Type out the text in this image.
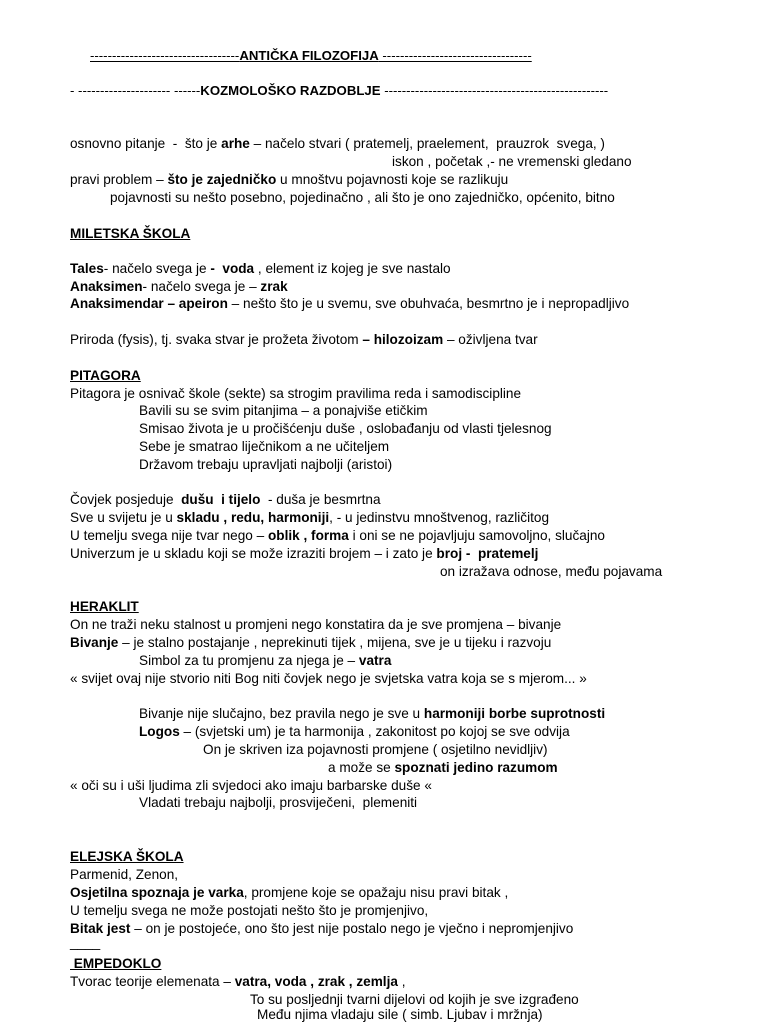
----------------------------------ANTIČKA FILOZOFIJA ----------------------------------
- --------------------- ------KOZMOLOŠKO RAZDOBLJE ---------------------------------------------------
osnovno pitanje  -  što je arhe – načelo stvari ( pratemelj, praelement,  prauzrok  svega, )
iskon , početak ,- ne vremenski gledano
pravi problem – što je zajedničko u mnoštvu pojavnosti koje se razlikuju
pojavnosti su nešto posebno, pojedinačno , ali što je ono zajedničko, općenito, bitno
MILETSKA ŠKOLA
Tales- načelo svega je -  voda , element iz kojeg je sve nastalo
Anaksimen- načelo svega je – zrak
Anaksimendar – apeiron – nešto što je u svemu, sve obuhvaća, besmrtno je i nepropadljivo
Priroda (fysis), tj. svaka stvar je prožeta životom – hilozoizam – oživljena tvar
PITAGORA
Pitagora je osnivač škole (sekte) sa strogim pravilima reda i samodiscipline
Bavili su se svim pitanjima – a ponajviše etičkim
Smisao života je u pročišćenju duše , oslobađanju od vlasti tjelesnog
Sebe je smatrao liječnikom a ne učiteljem
Državom trebaju upravljati najbolji (aristoi)
Čovjek posjeduje  dušu  i tijelo  - duša je besmrtna
Sve u svijetu je u skladu , redu, harmoniji, - u jedinstvu mnoštvenog, različitog
U temelju svega nije tvar nego – oblik , forma i oni se ne pojavljuju samovoljno, slučajno
Univerzum je u skladu koji se može izraziti brojem – i zato je broj -  pratemelj
on izražava odnose, među pojavama
HERAKLIT
On ne traži neku stalnost u promjeni nego konstatira da je sve promjena – bivanje
Bivanje – je stalno postajanje , neprekinuti tijek , mijena, sve je u tijeku i razvoju
Simbol za tu promjenu za njega je – vatra
« svijet ovaj nije stvorio niti Bog niti čovjek nego je svjetska vatra koja se s mjerom... »
Bivanje nije slučajno, bez pravila nego je sve u harmoniji borbe suprotnosti
Logos – (svjetski um) je ta harmonija , zakonitost po kojoj se sve odvija
On je skriven iza pojavnosti promjene ( osjetilno nevidljiv)
a može se spoznati jedino razumom
« oči su i uši ljudima zli svjedoci ako imaju barbarske duše «
Vladati trebaju najbolji, prosviječeni,  plemeniti
ELEJSKA ŠKOLA
Parmenid, Zenon,
Osjetilna spoznaja je varka, promjene koje se opažaju nisu pravi bitak ,
U temelju svega ne može postojati nešto što je promjenjivo,
Bitak jest – on je postojeće, ono što jest nije postalo nego je vječno i nepromjenjivo
____
EMPEDOKLO
Tvorac teorije elemenata – vatra, voda , zrak , zemlja ,
To su posljednji tvarni dijelovi od kojih je sve izgrađeno
Među njima vladaju sile ( simb. Ljubav i mržnja)
